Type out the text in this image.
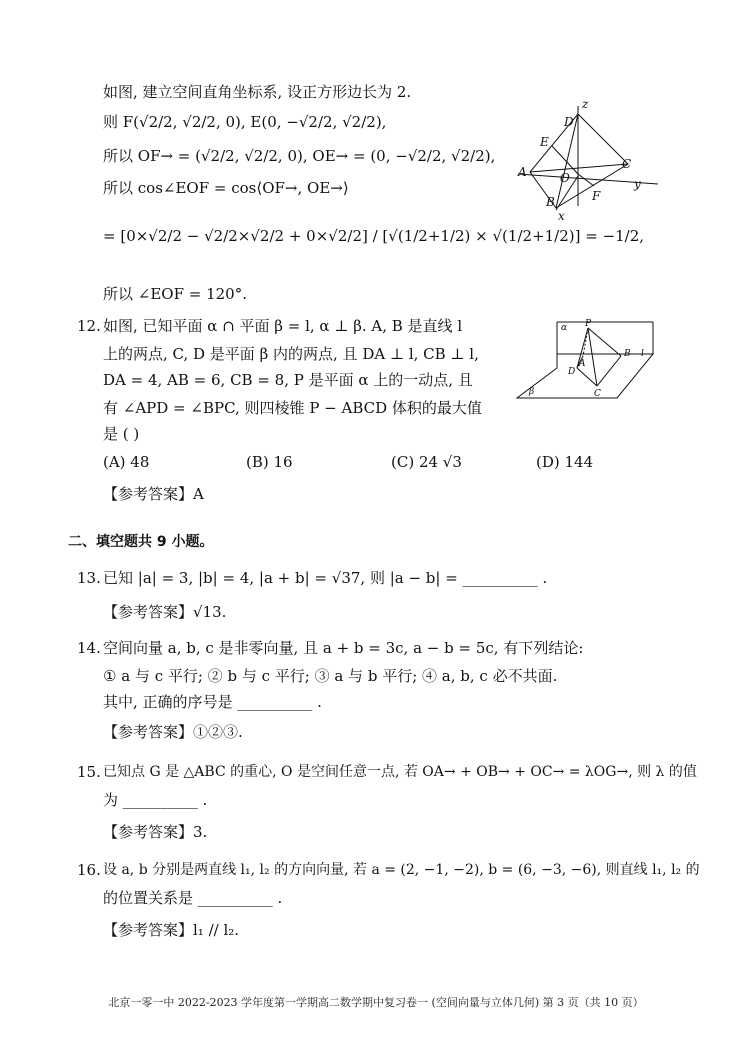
如图, 建立空间直角坐标系, 设正方形边长为 2.
则 F(√2/2, √2/2, 0), E(0, −√2/2, √2/2),
所以 OF→ = (√2/2, √2/2, 0), OE→ = (0, −√2/2, √2/2),
所以 cos∠EOF = cos⟨OF→, OE→⟩
= [0×√2/2 − √2/2×√2/2 + 0×√2/2] / [√(1/2+1/2) × √(1/2+1/2)] = −1/2,
所以 ∠EOF = 120°.
z
D
E
A	O
C
y
F
B
x
12. 如图, 已知平面 α ∩ 平面 β = l, α ⊥ β. A, B 是直线 l
上的两点, C, D 是平面 β 内的两点, 且 DA ⊥ l, CB ⊥ l,
DA = 4, AB = 6, CB = 8, P 是平面 α 上的一动点, 且
有 ∠APD = ∠BPC, 则四棱锥 P − ABCD 体积的最大值
是 ( )
α P
B l
D
A
C
β
(A) 48	(B) 16	(C) 24 √3	(D) 144
【参考答案】A
二、填空题共 9 小题。
13. 已知 |a| = 3, |b| = 4, |a + b| = √37, 则 |a − b| = __________ .
【参考答案】√13.
14. 空间向量 a, b, c 是非零向量, 且 a + b = 3c, a − b = 5c, 有下列结论:
① a 与 c 平行; ② b 与 c 平行; ③ a 与 b 平行; ④ a, b, c 必不共面.
其中, 正确的序号是 __________ .
【参考答案】①②③.
15. 已知点 G 是 △ABC 的重心, O 是空间任意一点, 若 OA→ + OB→ + OC→ = λOG→, 则 λ 的值
为 __________ .
【参考答案】3.
16. 设 a, b 分别是两直线 l₁, l₂ 的方向向量, 若 a = (2, −1, −2), b = (6, −3, −6), 则直线 l₁, l₂ 的
的位置关系是 __________ .
【参考答案】l₁ // l₂.
北京一零一中 2022-2023 学年度第一学期高二数学期中复习卷一 (空间向量与立体几何) 第 3 页（共 10 页）
